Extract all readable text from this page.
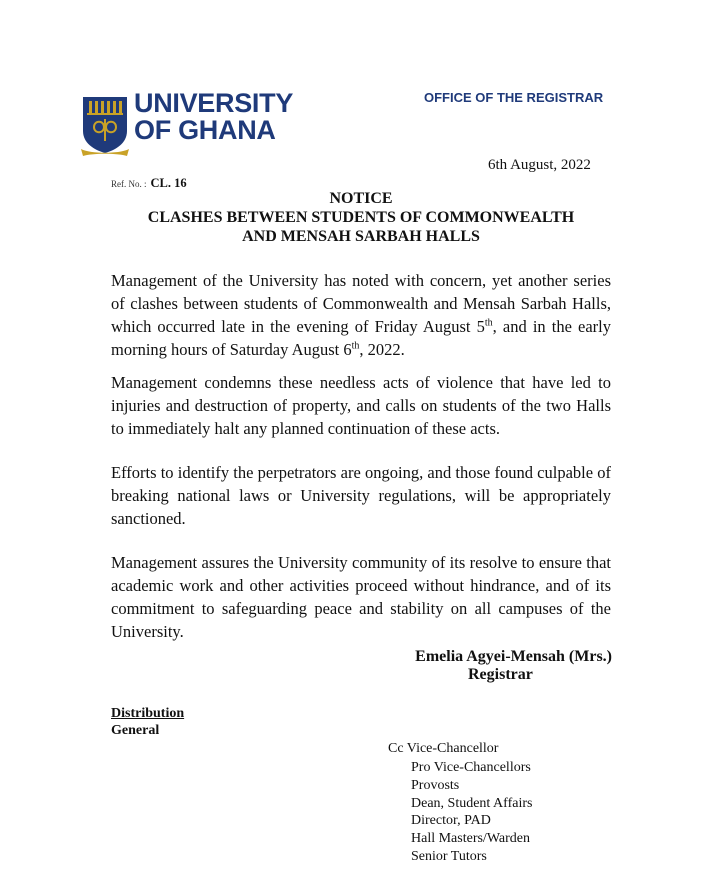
UNIVERSITY
OF GHANA
OFFICE OF THE REGISTRAR
6th August, 2022
Ref. No. : CL. 16
NOTICE
CLASHES BETWEEN STUDENTS OF COMMONWEALTH
AND MENSAH SARBAH HALLS

Management of the University has noted with concern, yet another series of clashes between students of Commonwealth and Mensah Sarbah Halls, which occurred late in the evening of Friday August 5th, and in the early morning hours of Saturday August 6th, 2022.

Management condemns these needless acts of violence that have led to injuries and destruction of property, and calls on students of the two Halls to immediately halt any planned continuation of these acts.

Efforts to identify the perpetrators are ongoing, and those found culpable of breaking national laws or University regulations, will be appropriately sanctioned.

Management assures the University community of its resolve to ensure that academic work and other activities proceed without hindrance, and of its commitment to safeguarding peace and stability on all campuses of the University.

Emelia Agyei-Mensah (Mrs.)
Registrar
Distribution
General
Cc Vice-Chancellor
Pro Vice-Chancellors
Provosts
Dean, Student Affairs
Director, PAD
Hall Masters/Warden
Senior Tutors
